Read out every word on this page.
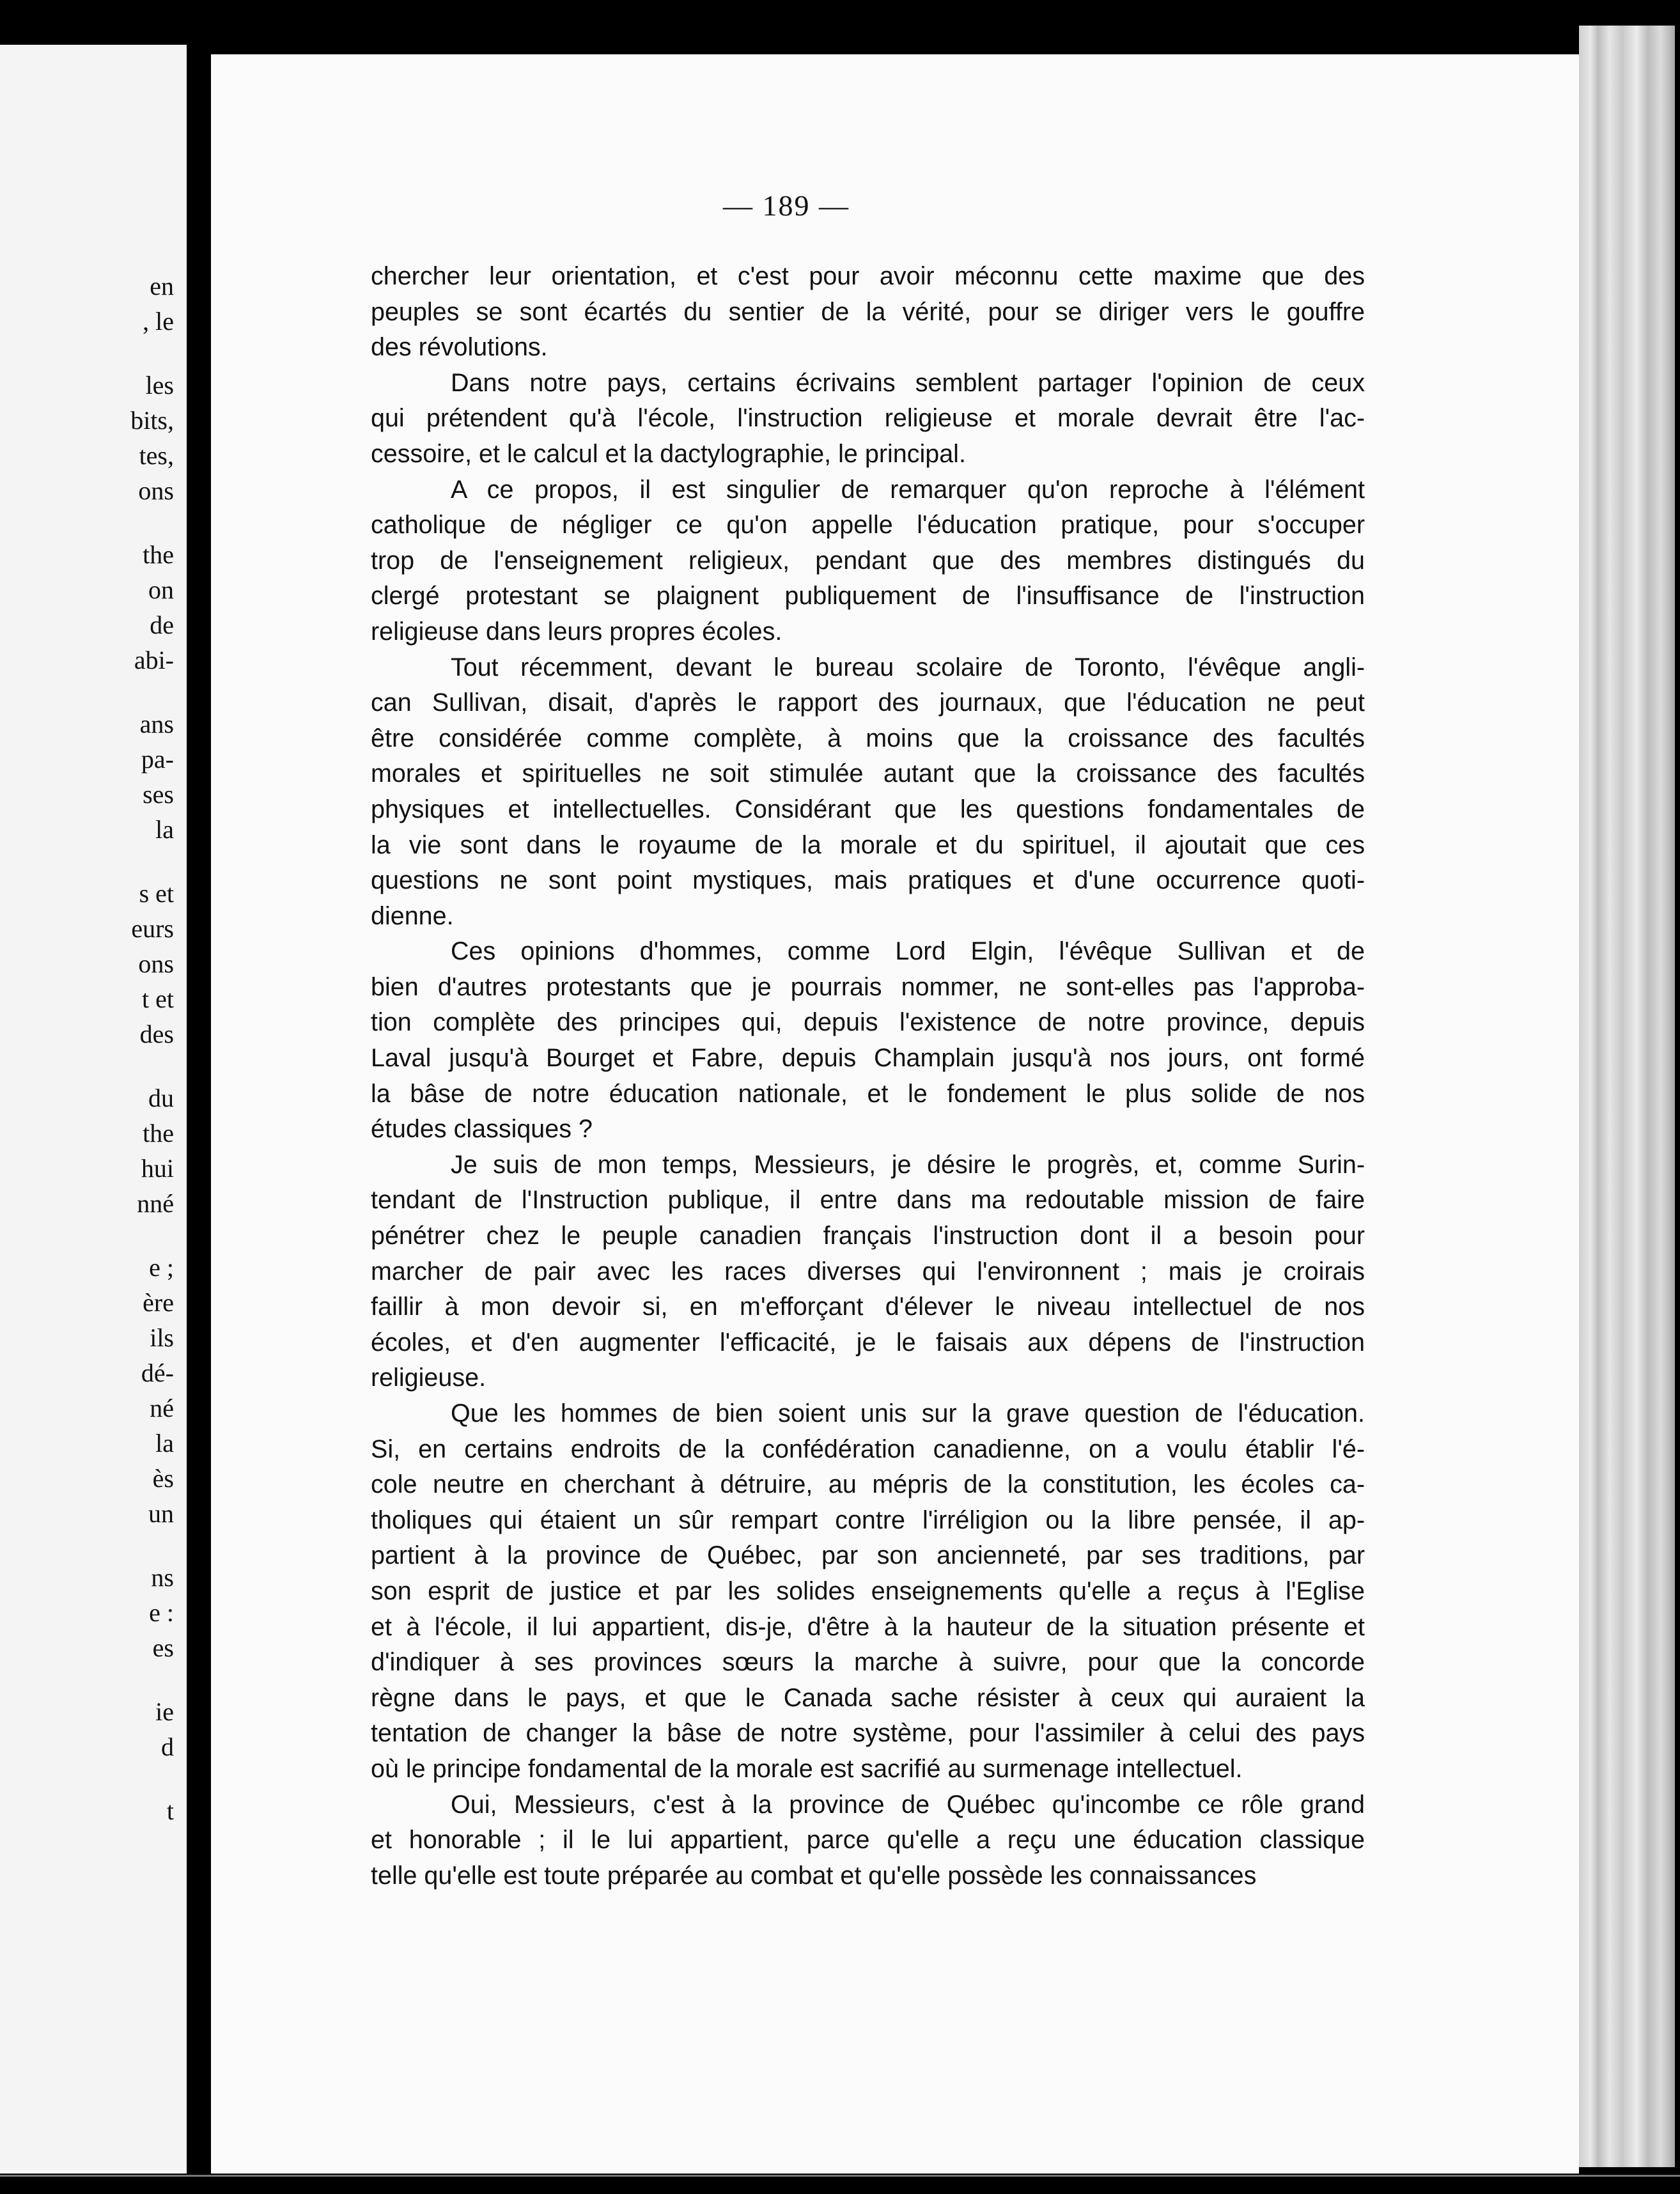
en
, le
les
bits,
tes,
ons
the
on
de
abi-
ans
pa-
ses
la
s et
eurs
ons
t et
des
du
the
hui
nné
e ;
ère
ils
dé-
né
la
ès
un
ns
e :
es
ie
d
t
— 189 —
chercher leur orientation, et c'est pour avoir méconnu cette maxime que des
peuples se sont écartés du sentier de la vérité, pour se diriger vers le gouffre
des révolutions.
Dans notre pays, certains écrivains semblent partager l'opinion de ceux
qui prétendent qu'à l'école, l'instruction religieuse et morale devrait être l'ac-
cessoire, et le calcul et la dactylographie, le principal.
A ce propos, il est singulier de remarquer qu'on reproche à l'élément
catholique de négliger ce qu'on appelle l'éducation pratique, pour s'occuper
trop de l'enseignement religieux, pendant que des membres distingués du
clergé protestant se plaignent publiquement de l'insuffisance de l'instruction
religieuse dans leurs propres écoles.
Tout récemment, devant le bureau scolaire de Toronto, l'évêque angli-
can Sullivan, disait, d'après le rapport des journaux, que l'éducation ne peut
être considérée comme complète, à moins que la croissance des facultés
morales et spirituelles ne soit stimulée autant que la croissance des facultés
physiques et intellectuelles. Considérant que les questions fondamentales de
la vie sont dans le royaume de la morale et du spirituel, il ajoutait que ces
questions ne sont point mystiques, mais pratiques et d'une occurrence quoti-
dienne.
Ces opinions d'hommes, comme Lord Elgin, l'évêque Sullivan et de
bien d'autres protestants que je pourrais nommer, ne sont-elles pas l'approba-
tion complète des principes qui, depuis l'existence de notre province, depuis
Laval jusqu'à Bourget et Fabre, depuis Champlain jusqu'à nos jours, ont formé
la bâse de notre éducation nationale, et le fondement le plus solide de nos
études classiques ?
Je suis de mon temps, Messieurs, je désire le progrès, et, comme Surin-
tendant de l'Instruction publique, il entre dans ma redoutable mission de faire
pénétrer chez le peuple canadien français l'instruction dont il a besoin pour
marcher de pair avec les races diverses qui l'environnent ; mais je croirais
faillir à mon devoir si, en m'efforçant d'élever le niveau intellectuel de nos
écoles, et d'en augmenter l'efficacité, je le faisais aux dépens de l'instruction
religieuse.
Que les hommes de bien soient unis sur la grave question de l'éducation.
Si, en certains endroits de la confédération canadienne, on a voulu établir l'é-
cole neutre en cherchant à détruire, au mépris de la constitution, les écoles ca-
tholiques qui étaient un sûr rempart contre l'irréligion ou la libre pensée, il ap-
partient à la province de Québec, par son ancienneté, par ses traditions, par
son esprit de justice et par les solides enseignements qu'elle a reçus à l'Eglise
et à l'école, il lui appartient, dis-je, d'être à la hauteur de la situation présente et
d'indiquer à ses provinces sœurs la marche à suivre, pour que la concorde
règne dans le pays, et que le Canada sache résister à ceux qui auraient la
tentation de changer la bâse de notre système, pour l'assimiler à celui des pays
où le principe fondamental de la morale est sacrifié au surmenage intellectuel.
Oui, Messieurs, c'est à la province de Québec qu'incombe ce rôle grand
et honorable ; il le lui appartient, parce qu'elle a reçu une éducation classique
telle qu'elle est toute préparée au combat et qu'elle possède les connaissances
